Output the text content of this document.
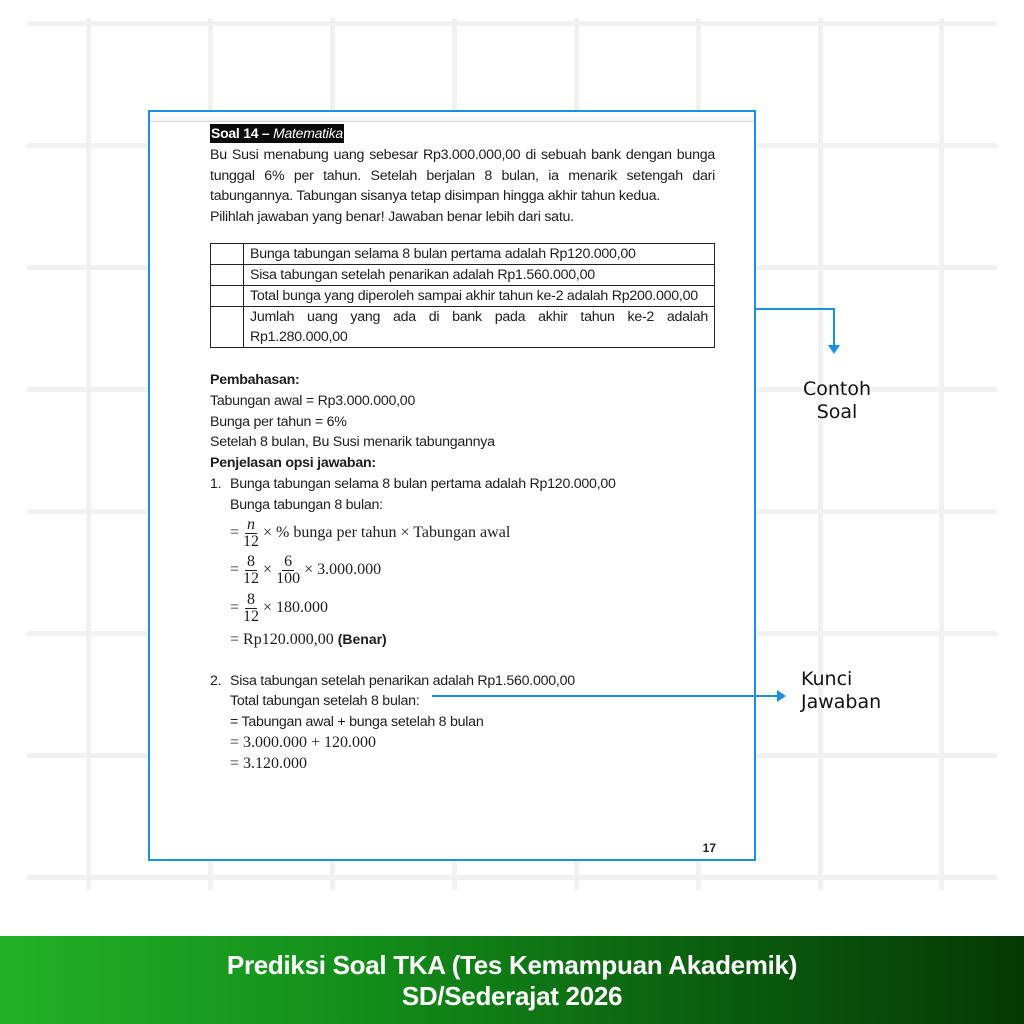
Soal 14 – Matematika
Bu Susi menabung uang sebesar Rp3.000.000,00 di sebuah bank dengan bunga tunggal 6% per tahun. Setelah berjalan 8 bulan, ia menarik setengah dari tabungannya. Tabungan sisanya tetap disimpan hingga akhir tahun kedua.
Pilihlah jawaban yang benar! Jawaban benar lebih dari satu.
	Bunga tabungan selama 8 bulan pertama adalah Rp120.000,00
	Sisa tabungan setelah penarikan adalah Rp1.560.000,00
	Total bunga yang diperoleh sampai akhir tahun ke-2 adalah Rp200.000,00
	Jumlah uang yang ada di bank pada akhir tahun ke-2 adalah Rp1.280.000,00
Pembahasan:
Tabungan awal = Rp3.000.000,00
Bunga per tahun = 6%
Setelah 8 bulan, Bu Susi menarik tabungannya
Penjelasan opsi jawaban:
1. Bunga tabungan selama 8 bulan pertama adalah Rp120.000,00
Bunga tabungan 8 bulan:
= $\frac{n}{12}$ × % bunga per tahun × Tabungan awal
= $\frac{8}{12} \times \frac{6}{100} \times 3.000.000$
= $\frac{8}{12} \times 180.000$
= Rp120.000,00 (Benar)
2. Sisa tabungan setelah penarikan adalah Rp1.560.000,00
Total tabungan setelah 8 bulan:
= Tabungan awal + bunga setelah 8 bulan
= 3.000.000 + 120.000
= 3.120.000
17
Contoh
Soal
Kunci
Jawaban
Prediksi Soal TKA (Tes Kemampuan Akademik)
SD/Sederajat 2026
